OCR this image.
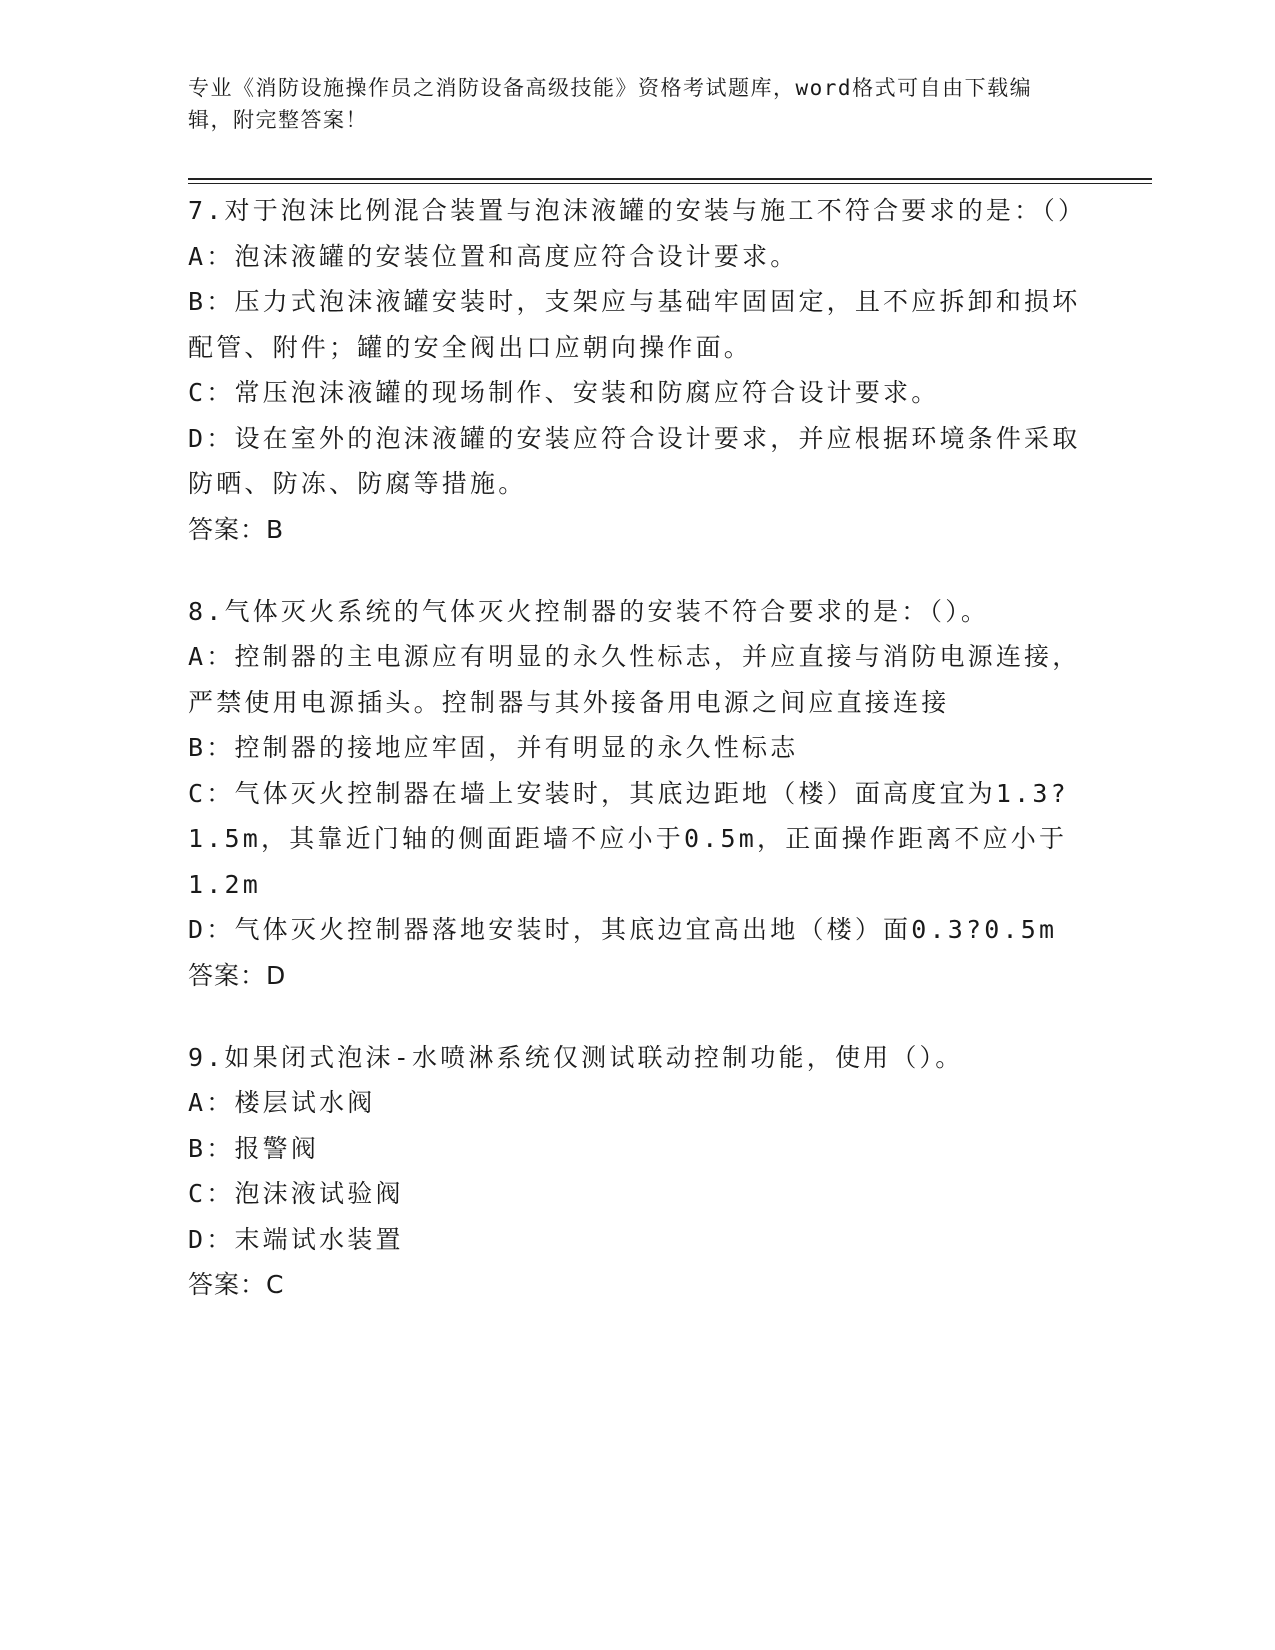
专业《消防设施操作员之消防设备高级技能》资格考试题库，word格式可自由下载编辑，附完整答案！
7.对于泡沫比例混合装置与泡沫液罐的安装与施工不符合要求的是：（）
A：泡沫液罐的安装位置和高度应符合设计要求。
B：压力式泡沫液罐安装时，支架应与基础牢固固定，且不应拆卸和损坏配管、附件；罐的安全阀出口应朝向操作面。
C：常压泡沫液罐的现场制作、安装和防腐应符合设计要求。
D：设在室外的泡沫液罐的安装应符合设计要求，并应根据环境条件采取防晒、防冻、防腐等措施。
答案：B
8.气体灭火系统的气体灭火控制器的安装不符合要求的是：（）。
A：控制器的主电源应有明显的永久性标志，并应直接与消防电源连接，严禁使用电源插头。控制器与其外接备用电源之间应直接连接
B：控制器的接地应牢固，并有明显的永久性标志
C：气体灭火控制器在墙上安装时，其底边距地（楼）面高度宜为1.3?1.5m，其靠近门轴的侧面距墙不应小于0.5m，正面操作距离不应小于1.2m
D：气体灭火控制器落地安装时，其底边宜高出地（楼）面0.3?0.5m
答案：D
9.如果闭式泡沫-水喷淋系统仅测试联动控制功能，使用（）。
A：楼层试水阀
B：报警阀
C：泡沫液试验阀
D：末端试水装置
答案：C
